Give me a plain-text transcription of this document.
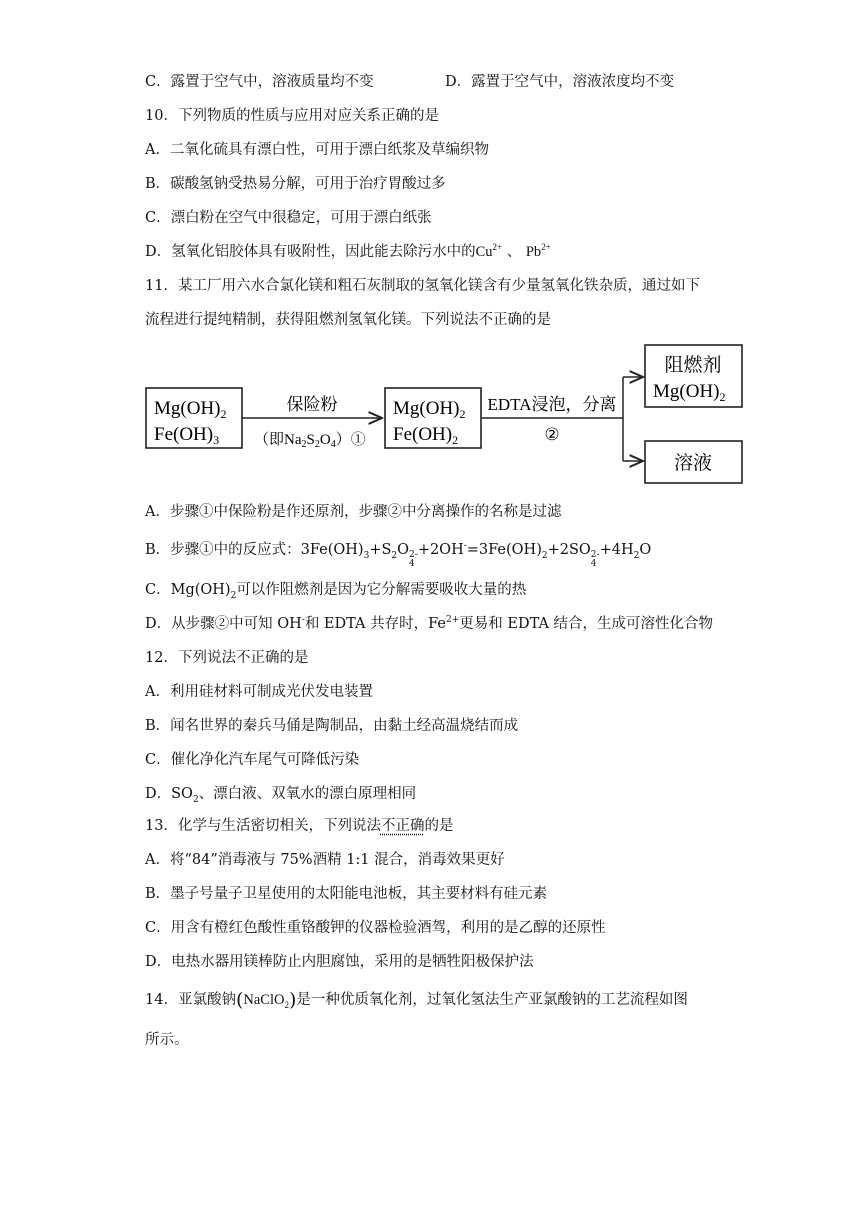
C．露置于空气中，溶液质量均不变	D．露置于空气中，溶液浓度均不变
10．下列物质的性质与应用对应关系正确的是
A．二氧化硫具有漂白性，可用于漂白纸浆及草编织物
B．碳酸氢钠受热易分解，可用于治疗胃酸过多
C．漂白粉在空气中很稳定，可用于漂白纸张
D．氢氧化铝胶体具有吸附性，因此能去除污水中的$Cu^{2+}$ 、 $Pb^{2+}$
11．某工厂用六水合氯化镁和粗石灰制取的氢氧化镁含有少量氢氧化铁杂质，通过如下
流程进行提纯精制，获得阻燃剂氢氧化镁。下列说法不正确的是
$Mg(OH)_2$
$Fe(OH)_3$
保险粉
（即$Na_2S_2O_4)①$
$Mg(OH)_2$
$Fe(OH)_2$
EDTA浸泡，分离
②
阻燃剂
$Mg(OH)_2$
溶液
A．步骤①中保险粉是作还原剂，步骤②中分离操作的名称是过滤
B．步骤①中的反应式：$3Fe(OH)_3+S_2O$ 2-
4
$+2OH^-=3Fe(OH)_2+2SO$ 2-
4
$+4H_2O$
C．$Mg(OH)_2$可以作阻燃剂是因为它分解需要吸收大量的热
D．从步骤②中可知 OH-和 EDTA 共存时，$Fe^{2+}$更易和 EDTA 结合，生成可溶性化合物
12．下列说法不正确的是
A．利用硅材料可制成光伏发电装置
B．闻名世界的秦兵马俑是陶制品，由黏土经高温烧结而成
C．催化净化汽车尾气可降低污染
D．$SO_2$、漂白液、双氧水的漂白原理相同
13．化学与生活密切相关，下列说法不正确的是
A．将“84”消毒液与 75%酒精 1:1 混合，消毒效果更好
B．墨子号量子卫星使用的太阳能电池板，其主要材料有硅元素
C．用含有橙红色酸性重铬酸钾的仪器检验酒驾，利用的是乙醇的还原性
D．电热水器用镁棒防止内胆腐蚀，采用的是牺牲阳极保护法
14．亚氯酸钠(NaClO$_2$)是一种优质氧化剂，过氧化氢法生产亚氯酸钠的工艺流程如图
所示。
